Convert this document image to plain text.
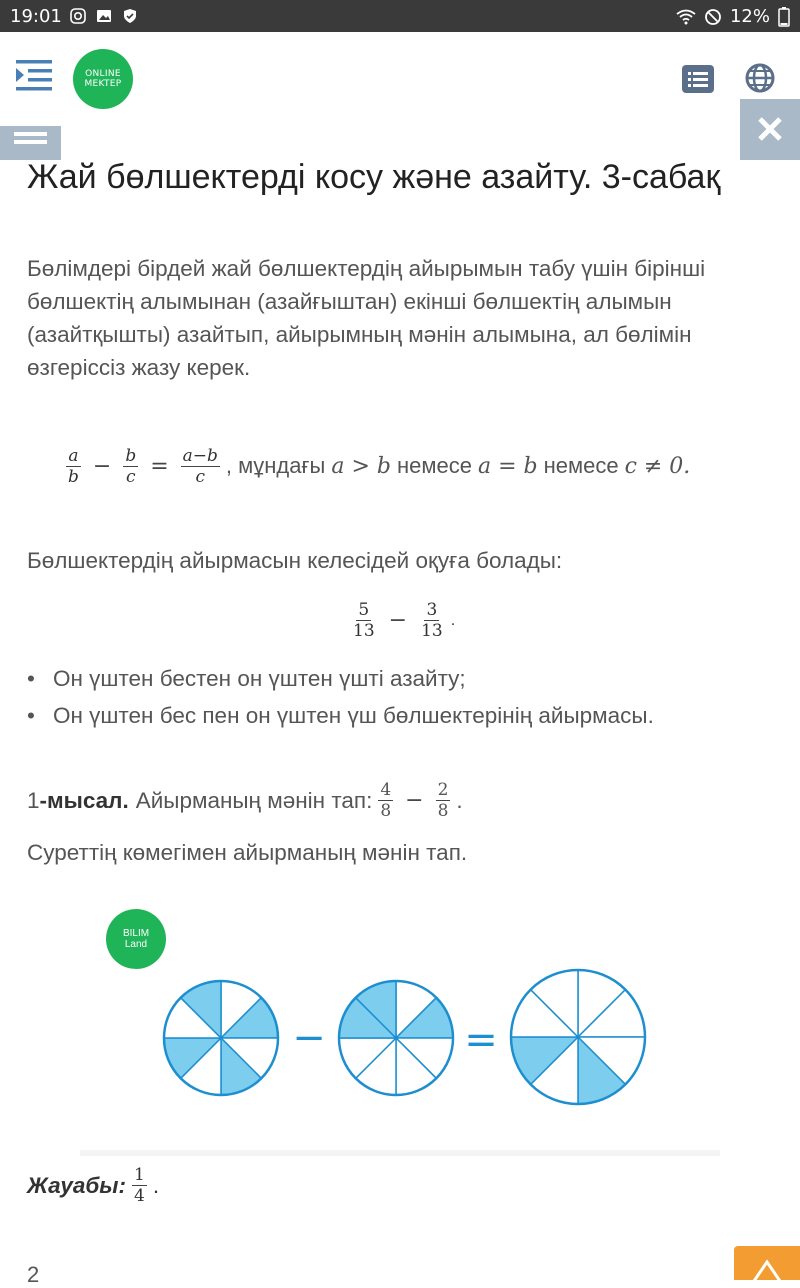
19:01	12%
ONLINE
MEKTEP
Жай бөлшектерді косу және азайту. 3-сабақ

Бөлімдері бірдей жай бөлшектердің айырымын табу үшін бірінші бөлшектің алымынан (азайғыштан) екінші бөлшектің алымын (азайтқышты) азайтып, айырымның мәнін алымына, ал бөлімін өзгеріссіз жазу керек.

$\frac{a}{b} - \frac{b}{c} = \frac{a-b}{c}$ , мұндағы a > b немесе a = b немесе c ≠ 0.

Бөлшектердің айырмасын келесідей оқуға болады:

$\frac{5}{13} - \frac{3}{13}$ .
• Он үштен бестен он үштен үшті азайту;
• Он үштен бес пен он үштен үш бөлшектерінің айырмасы.
1 -мысал. Айырманың мәнін тап: $\frac{4}{8} - \frac{2}{8}$ .

Суреттің көмегімен айырманың мәнін тап.

BILIM
Land
−	=
Жауабы: $\frac{1}{4}$ .
2
